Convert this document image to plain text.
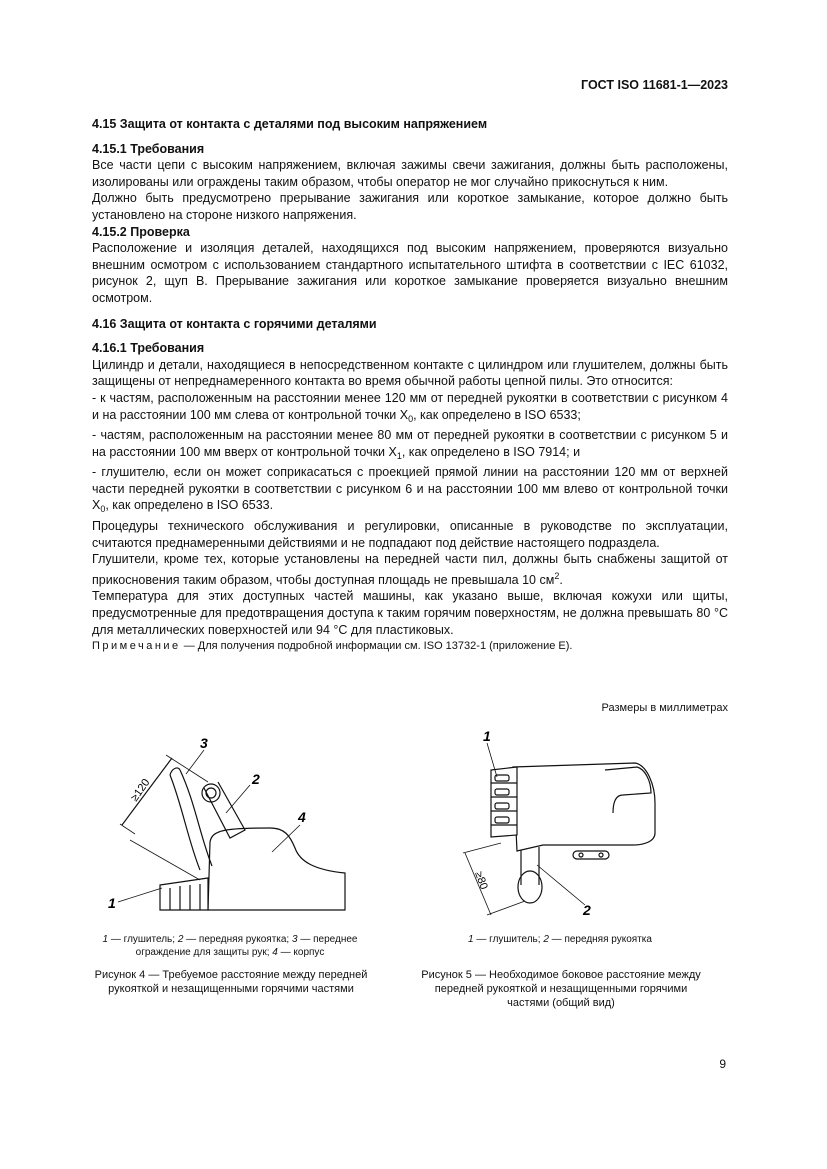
ГОСТ ISO 11681-1—2023

4.15 Защита от контакта с деталями под высоким напряжением

4.15.1 Требования

Все части цепи с высоким напряжением, включая зажимы свечи зажигания, должны быть расположены, изолированы или ограждены таким образом, чтобы оператор не мог случайно прикоснуться к ним.

Должно быть предусмотрено прерывание зажигания или короткое замыкание, которое должно быть установлено на стороне низкого напряжения.

4.15.2 Проверка

Расположение и изоляция деталей, находящихся под высоким напряжением, проверяются визуально внешним осмотром с использованием стандартного испытательного штифта в соответствии с IEC 61032, рисунок 2, щуп В. Прерывание зажигания или короткое замыкание проверяется визуально внешним осмотром.

4.16 Защита от контакта с горячими деталями

4.16.1 Требования

Цилиндр и детали, находящиеся в непосредственном контакте с цилиндром или глушителем, должны быть защищены от непреднамеренного контакта во время обычной работы цепной пилы. Это относится:

- к частям, расположенным на расстоянии менее 120 мм от передней рукоятки в соответствии с рисунком 4 и на расстоянии 100 мм слева от контрольной точки $X_0$, как определено в ISO 6533;

- частям, расположенным на расстоянии менее 80 мм от передней рукоятки в соответствии с рисунком 5 и на расстоянии 100 мм вверх от контрольной точки $X_1$, как определено в ISO 7914; и

- глушителю, если он может соприкасаться с проекцией прямой линии на расстоянии 120 мм от верхней части передней рукоятки в соответствии с рисунком 6 и на расстоянии 100 мм влево от контрольной точки $X_0$, как определено в ISO 6533.

Процедуры технического обслуживания и регулировки, описанные в руководстве по эксплуатации, считаются преднамеренными действиями и не подпадают под действие настоящего подраздела.

Глушители, кроме тех, которые установлены на передней части пил, должны быть снабжены защитой от прикосновения таким образом, чтобы доступная площадь не превышала 10 $см^2$.

Температура для этих доступных частей машины, как указано выше, включая кожухи или щиты, предусмотренные для предотвращения доступа к таким горячим поверхностям, не должна превышать 80 °С для металлических поверхностей или 94 °С для пластиковых.

Примечание — Для получения подробной информации см. ISO 13732-1 (приложение Е).

Размеры в миллиметрах
1
2
3
4
≥120
1 — глушитель; 2 — передняя рукоятка; 3 — переднее
ограждение для защиты рук; 4 — корпус
Рисунок 4 — Требуемое расстояние между передней
рукояткой и незащищенными горячими частями
1
2
≥80
1 — глушитель; 2 — передняя рукоятка
Рисунок 5 — Необходимое боковое расстояние между
передней рукояткой и незащищенными горячими
частями (общий вид)
9
